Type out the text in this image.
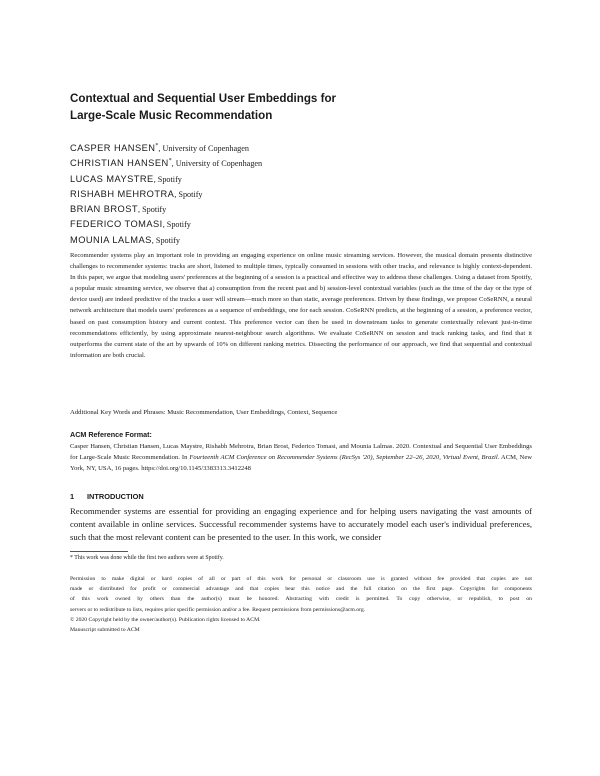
Contextual and Sequential User Embeddings for
Large-Scale Music Recommendation
CASPER HANSEN*, University of Copenhagen
CHRISTIAN HANSEN*, University of Copenhagen
LUCAS MAYSTRE, Spotify
RISHABH MEHROTRA, Spotify
BRIAN BROST, Spotify
FEDERICO TOMASI, Spotify
MOUNIA LALMAS, Spotify
Recommender systems play an important role in providing an engaging experience on online music streaming services. However, the musical domain presents distinctive challenges to recommender systems: tracks are short, listened to multiple times, typically consumed in sessions with other tracks, and relevance is highly context-dependent. In this paper, we argue that modeling users' preferences at the beginning of a session is a practical and effective way to address these challenges. Using a dataset from Spotify, a popular music streaming service, we observe that a) consumption from the recent past and b) session-level contextual variables (such as the time of the day or the type of device used) are indeed predictive of the tracks a user will stream—much more so than static, average preferences. Driven by these findings, we propose CoSeRNN, a neural network architecture that models users' preferences as a sequence of embeddings, one for each session. CoSeRNN predicts, at the beginning of a session, a preference vector, based on past consumption history and current context. This preference vector can then be used in downstream tasks to generate contextually relevant just-in-time recommendations efficiently, by using approximate nearest-neighbour search algorithms. We evaluate CoSeRNN on session and track ranking tasks, and find that it outperforms the current state of the art by upwards of 10% on different ranking metrics. Dissecting the performance of our approach, we find that sequential and contextual information are both crucial.
Additional Key Words and Phrases: Music Recommendation, User Embeddings, Context, Sequence
ACM Reference Format:
Casper Hansen, Christian Hansen, Lucas Maystre, Rishabh Mehrotra, Brian Brost, Federico Tomasi, and Mounia Lalmas. 2020. Contextual and Sequential User Embeddings for Large-Scale Music Recommendation. In Fourteenth ACM Conference on Recommender Systems (RecSys '20), September 22–26, 2020, Virtual Event, Brazil. ACM, New York, NY, USA, 16 pages. https://doi.org/10.1145/3383313.3412248
1 INTRODUCTION
Recommender systems are essential for providing an engaging experience and for helping users navigating the vast amounts of content available in online services. Successful recommender systems have to accurately model each user's individual preferences, such that the most relevant content can be presented to the user. In this work, we consider
* This work was done while the first two authors were at Spotify.
Permission to make digital or hard copies of all or part of this work for personal or classroom use is granted without fee provided that copies are not
made or distributed for profit or commercial advantage and that copies bear this notice and the full citation on the first page. Copyrights for components
of this work owned by others than the author(s) must be honored. Abstracting with credit is permitted. To copy otherwise, or republish, to post on
servers or to redistribute to lists, requires prior specific permission and/or a fee. Request permissions from permissions@acm.org.
© 2020 Copyright held by the owner/author(s). Publication rights licensed to ACM.
Manuscript submitted to ACM
